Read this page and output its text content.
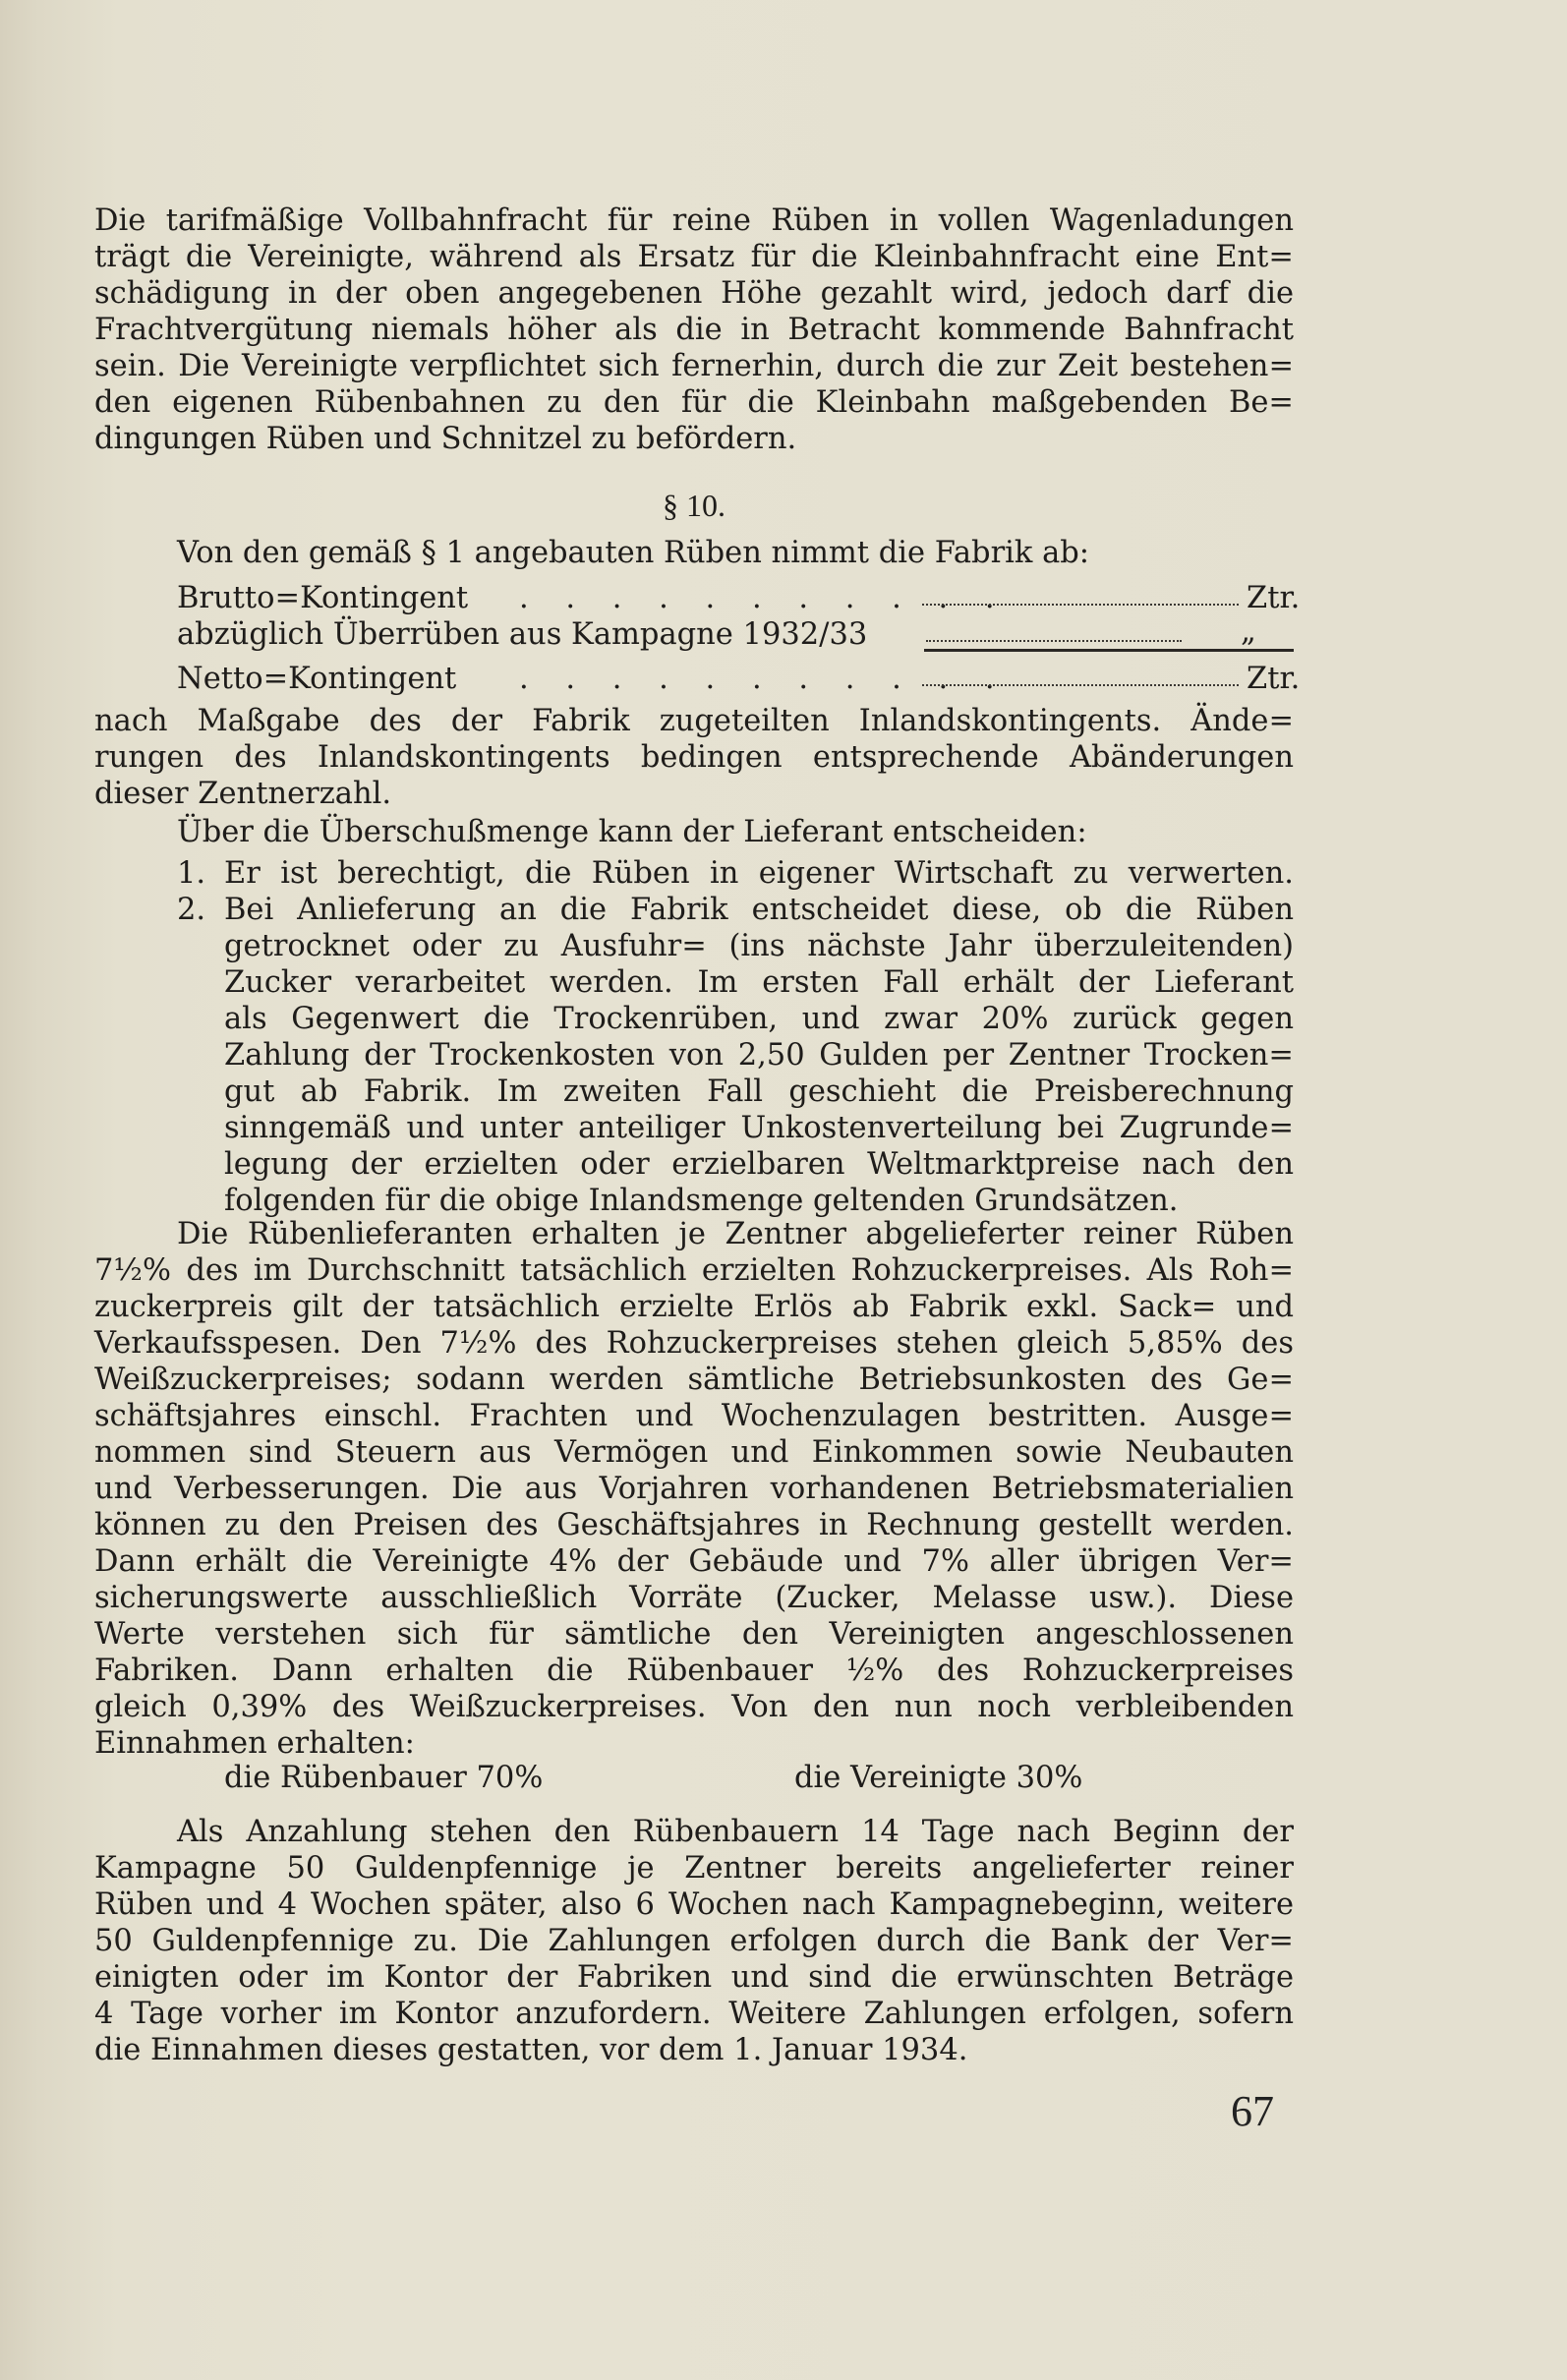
Die tarifmäßige Vollbahnfracht für reine Rüben in vollen Wagenladungen
trägt die Vereinigte, während als Ersatz für die Kleinbahnfracht eine Ent=
schädigung in der oben angegebenen Höhe gezahlt wird, jedoch darf die
Frachtvergütung niemals höher als die in Betracht kommende Bahnfracht
sein. Die Vereinigte verpflichtet sich fernerhin, durch die zur Zeit bestehen=
den eigenen Rübenbahnen zu den für die Kleinbahn maßgebenden Be=
dingungen Rüben und Schnitzel zu befördern.
§ 10.
Von den gemäß § 1 angebauten Rüben nimmt die Fabrik ab:
Brutto=Kontingent . . . . . . . . . . .	Ztr.
abzüglich Überrüben aus Kampagne 1932/33	„
Netto=Kontingent . . . . . . . . . . .	Ztr.
nach Maßgabe des der Fabrik zugeteilten Inlandskontingents. Ände=
rungen des Inlandskontingents bedingen entsprechende Abänderungen
dieser Zentnerzahl.
Über die Überschußmenge kann der Lieferant entscheiden:
1. Er ist berechtigt, die Rüben in eigener Wirtschaft zu verwerten.
2. Bei Anlieferung an die Fabrik entscheidet diese, ob die Rüben
getrocknet oder zu Ausfuhr= (ins nächste Jahr überzuleitenden)
Zucker verarbeitet werden. Im ersten Fall erhält der Lieferant
als Gegenwert die Trockenrüben, und zwar 20% zurück gegen
Zahlung der Trockenkosten von 2,50 Gulden per Zentner Trocken=
gut ab Fabrik. Im zweiten Fall geschieht die Preisberechnung
sinngemäß und unter anteiliger Unkostenverteilung bei Zugrunde=
legung der erzielten oder erzielbaren Weltmarktpreise nach den
folgenden für die obige Inlandsmenge geltenden Grundsätzen.
Die Rübenlieferanten erhalten je Zentner abgelieferter reiner Rüben
7½% des im Durchschnitt tatsächlich erzielten Rohzuckerpreises. Als Roh=
zuckerpreis gilt der tatsächlich erzielte Erlös ab Fabrik exkl. Sack= und
Verkaufsspesen. Den 7½% des Rohzuckerpreises stehen gleich 5,85% des
Weißzuckerpreises; sodann werden sämtliche Betriebsunkosten des Ge=
schäftsjahres einschl. Frachten und Wochenzulagen bestritten. Ausge=
nommen sind Steuern aus Vermögen und Einkommen sowie Neubauten
und Verbesserungen. Die aus Vorjahren vorhandenen Betriebsmaterialien
können zu den Preisen des Geschäftsjahres in Rechnung gestellt werden.
Dann erhält die Vereinigte 4% der Gebäude und 7% aller übrigen Ver=
sicherungswerte ausschließlich Vorräte (Zucker, Melasse usw.). Diese
Werte verstehen sich für sämtliche den Vereinigten angeschlossenen
Fabriken. Dann erhalten die Rübenbauer ½% des Rohzuckerpreises
gleich 0,39% des Weißzuckerpreises. Von den nun noch verbleibenden
Einnahmen erhalten:
die Rübenbauer 70%	die Vereinigte 30%
Als Anzahlung stehen den Rübenbauern 14 Tage nach Beginn der
Kampagne 50 Guldenpfennige je Zentner bereits angelieferter reiner
Rüben und 4 Wochen später, also 6 Wochen nach Kampagnebeginn, weitere
50 Guldenpfennige zu. Die Zahlungen erfolgen durch die Bank der Ver=
einigten oder im Kontor der Fabriken und sind die erwünschten Beträge
4 Tage vorher im Kontor anzufordern. Weitere Zahlungen erfolgen, sofern
die Einnahmen dieses gestatten, vor dem 1. Januar 1934.
67
